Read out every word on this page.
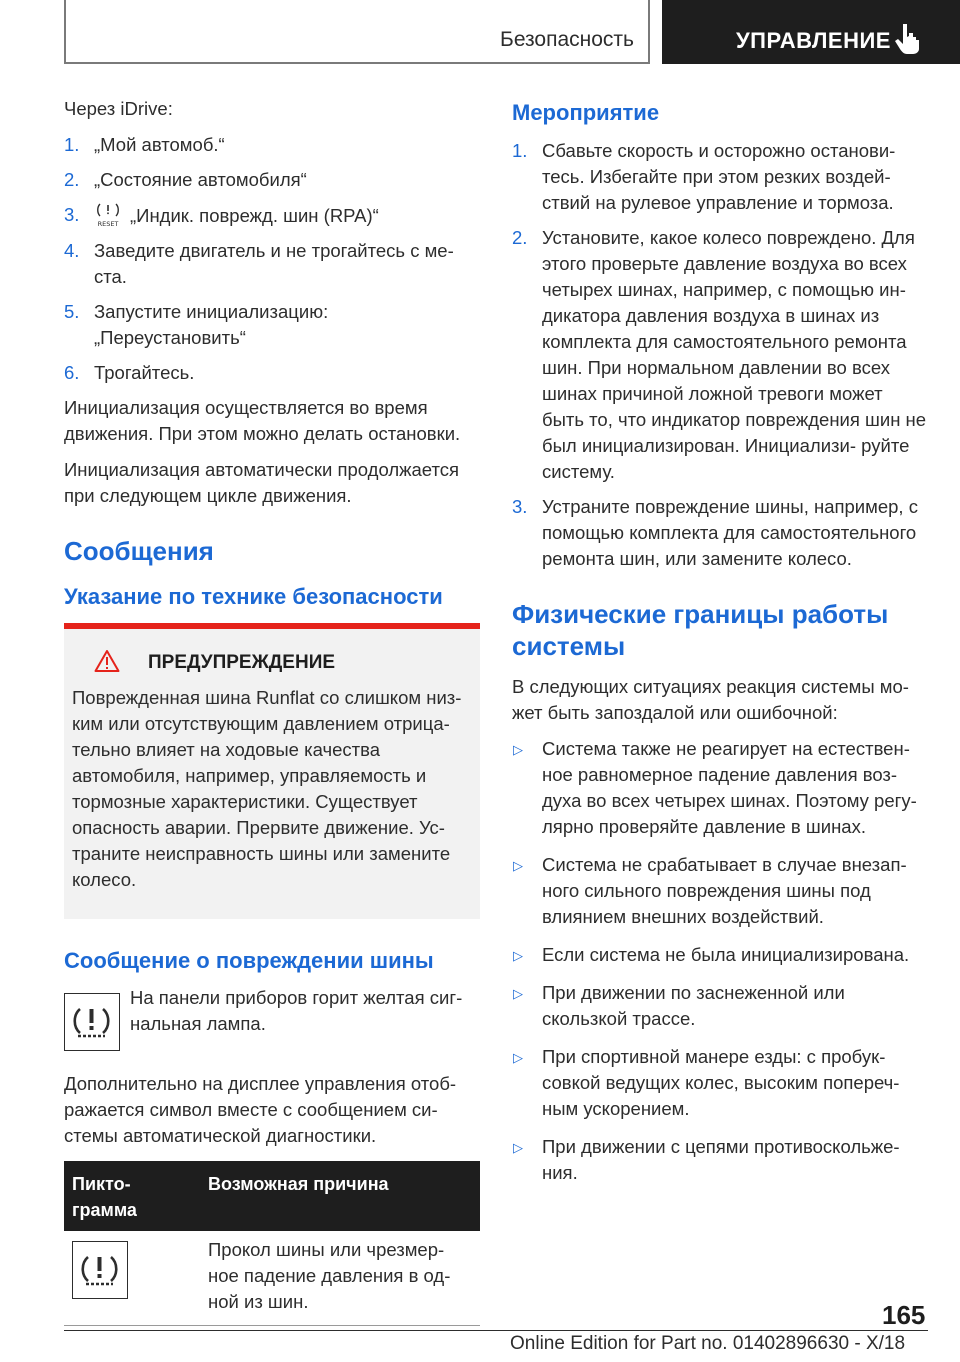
Безопасность	УПРАВЛЕНИЕ

Через iDrive:

1. „Мой автомоб.“
2. „Состояние автомобиля“
3.	RESET „Индик. поврежд. шин (RPA)“
4. Заведите двигатель и не трогайтесь с ме- ста.
5. Запустите инициализацию: „Переустановить“
6. Трогайтесь.

Инициализация осуществляется во время движения. При этом можно делать остановки.

Инициализация автоматически продолжается при следующем цикле движения.

Сообщения
Указание по технике безопасности
ПРЕДУПРЕЖДЕНИЕ

Поврежденная шина Runflat со слишком низ- ким или отсутствующим давлением отрица- тельно влияет на ходовые качества автомобиля, например, управляемость и тормозные характеристики. Существует опасность аварии. Прервите движение. Ус- траните неисправность шины или замените колесо.

Сообщение о повреждении шины

На панели приборов горит желтая сиг- нальная лампа.

Дополнительно на дисплее управления отоб- ражается символ вместе с сообщением си- стемы автоматической диагностики.

Пикто- грамма	Возможная причина

	Прокол шины или чрезмер- ное падение давления в од- ной из шин.
Мероприятие
1. Сбавьте скорость и осторожно останови- тесь. Избегайте при этом резких воздей- ствий на рулевое управление и тормоза.
2. Установите, какое колесо повреждено. Для этого проверьте давление воздуха во всех четырех шинах, например, с помощью ин- дикатора давления воздуха в шинах из комплекта для самостоятельного ремонта шин. При нормальном давлении во всех шинах причиной ложной тревоги может быть то, что индикатор повреждения шин не был инициализирован. Инициализи- руйте систему.
3. Устраните повреждение шины, например, с помощью комплекта для самостоятельного ремонта шин, или замените колесо.
Физические границы работы системы

В следующих ситуациях реакция системы мо- жет быть запоздалой или ошибочной:

▷ Система также не реагирует на естествен- ное равномерное падение давления воз- духа во всех четырех шинах. Поэтому регу- лярно проверяйте давление в шинах.
▷ Система не срабатывает в случае внезап- ного сильного повреждения шины под влиянием внешних воздействий.
▷ Если система не была инициализирована.
▷ При движении по заснеженной или скользкой трассе.
▷ При спортивной манере езды: с пробук- совкой ведущих колес, высоким попереч- ным ускорением.
▷ При движении с цепями противоскольже- ния.
165
Online Edition for Part no. 01402896630 - X/18
